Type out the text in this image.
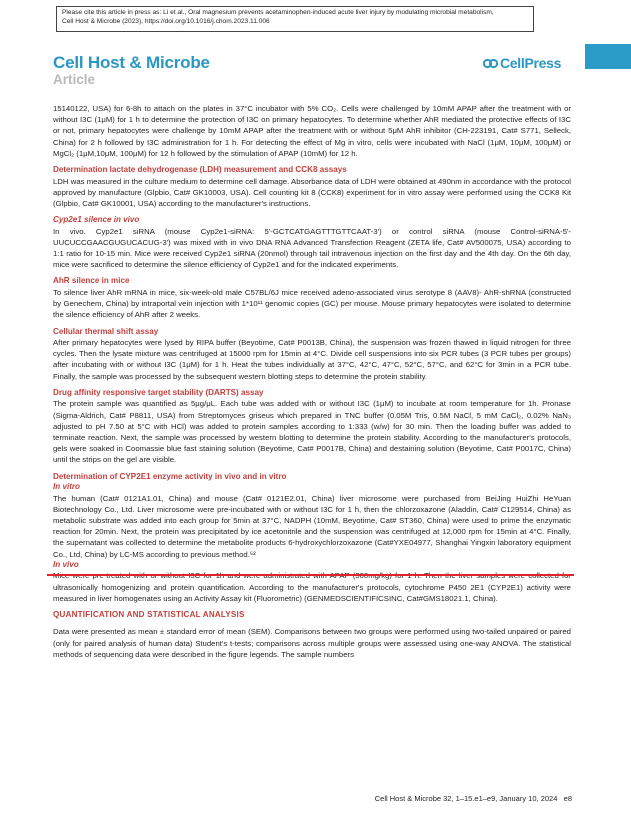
Please cite this article in press as: Li et al., Oral magnesium prevents acetaminophen-induced acute liver injury by modulating microbial metabolism,
Cell Host & Microbe (2023), https://doi.org/10.1016/j.chom.2023.11.006
Cell Host & Microbe
Article
CellPress

15140122, USA) for 6-8h to attach on the plates in 37°C incubator with 5% CO₂. Cells were challenged by 10mM APAP after the treatment with or without I3C (1μM) for 1 h to determine the protection of I3C on primary hepatocytes. To determine whether AhR mediated the protective effects of I3C or not, primary hepatocytes were challenge by 10mM APAP after the treatment with or without 5μM AhR inhibitor (CH-223191, Cat# S771, Selleck, China) for 2 h followed by I3C administration for 1 h. For detecting the effect of Mg in vitro, cells were incubated with NaCl (1μM, 10μM, 100μM) or MgCl₂ (1μM,10μM, 100μM) for 12 h followed by the stimulation of APAP (10mM) for 12 h.

Determination lactate dehydrogenase (LDH) measurement and CCK8 assays

LDH was measured in the culture medium to determine cell damage. Absorbance data of LDH were obtained at 490nm in accordance with the protocol approved by manufacture (Glpbio, Cat# GK10003, USA). Cell counting kit 8 (CCK8) experiment for in vitro assay were performed using the CCK8 Kit (Glpbio, Cat# GK10001, USA) according to the manufacturer's instructions.

Cyp2e1 silence in vivo

In vivo. Cyp2e1 siRNA (mouse Cyp2e1-siRNA: 5'-GCTCATGAGTTTGTTCAAT-3') or control siRNA (mouse Control-siRNA-5'-UUCUCCGAACGUGUCACUG-3') was mixed with in vivo DNA RNA Advanced Transfection Reagent (ZETA life, Cat# AV500075, USA) according to 1:1 ratio for 10-15 min. Mice were received Cyp2e1 siRNA (20nmol) through tail intravenous injection on the first day and the 4th day. On the 6th day, mice were sacrificed to determine the silence efficiency of Cyp2e1 and for the indicated experiments.

AhR silence in mice

To silence liver AhR mRNA in mice, six-week-old male C57BL/6J mice received adeno-associated virus serotype 8 (AAV8)- AhR-shRNA (constructed by Genechem, China) by intraportal vein injection with 1*10¹¹ genomic copies (GC) per mouse. Mouse primary hepatocytes were isolated to determine the silence efficiency of AhR after 2 weeks.

Cellular thermal shift assay

After primary hepatocytes were lysed by RIPA buffer (Beyotime, Cat# P0013B, China), the suspension was frozen thawed in liquid nitrogen for three cycles. Then the lysate mixture was centrifuged at 15000 rpm for 15min at 4°C. Divide cell suspensions into six PCR tubes (3 PCR tubes per groups) after incubating with or without I3C (1μM) for 1 h. Heat the tubes individually at 37°C, 42°C, 47°C, 52°C, 57°C, and 62°C for 3min in a PCR tube. Finally, the sample was processed by the subsequent western blotting steps to determine the protein stability.

Drug affinity responsive target stability (DARTS) assay

The protein sample was quantified as 5μg/μL. Each tube was added with or without I3C (1μM) to incubate at room temperature for 1h. Pronase (Sigma-Aldrich, Cat# P8811, USA) from Streptomyces griseus which prepared in TNC buffer (0.05M Tris, 0.5M NaCl, 5 mM CaCl₂, 0.02% NaN₃ adjusted to pH 7.50 at 5°C with HCl) was added to protein samples according to 1:333 (w/w) for 30 min. Then the loading buffer was added to terminate reaction. Next, the sample was processed by western blotting to determine the protein stability. According to the manufacturer's protocols, gels were soaked in Coomassie blue fast staining solution (Beyotime, Cat# P0017B, China) and destaining solution (Beyotime, Cat# P0017C, China) until the strips on the gel are visible.

Determination of CYP2E1 enzyme activity in vivo and in vitro
In vitro

The human (Cat# 0121A1.01, China) and mouse (Cat# 0121E2.01, China) liver microsome were purchased from BeiJing HuiZhi HeYuan Biotechnology Co., Ltd. Liver microsome were pre-incubated with or without I3C for 1 h, then the chlorzoxazone (Aladdin, Cat# C129514, China) as metabolic substrate was added into each group for 5min at 37°C, NADPH (10mM, Beyotime, Cat# ST360, China) were used to prime the enzymatic reaction for 20min. Next, the protein was precipitated by ice acetonitrile and the suspension was centrifuged at 12,000 rpm for 15min at 4°C. Finally, the supernatant was collected to determine the metabolite products 6-hydroxychlorzoxazone (Cat#YXE04977, Shanghai Yingxin laboratory equipment Co., Ltd, China) by LC-MS according to previous method.⁵²

In vivo

Mice were pre-treated with or without I3C for 1h and were administrated with APAP (300mg/kg) for 1 h. Then the liver samples were collected for ultrasonically homogenizing and protein quantification. According to the manufacturer's protocols, cytochrome P450 2E1 (CYP2E1) activity were measured in liver homogenates using an Activity Assay kit (Fluorometric) (GENMEDSCIENTIFICSINC, Cat#GMS18021.1, China).

QUANTIFICATION AND STATISTICAL ANALYSIS

Data were presented as mean ± standard error of mean (SEM). Comparisons between two groups were performed using two-tailed unpaired or paired (only for paired analysis of human data) Student's t-tests; comparisons across multiple groups were assessed using one-way ANOVA. The statistical methods of sequencing data were described in the figure legends. The sample numbers

Cell Host & Microbe 32, 1–15.e1–e9, January 10, 2024 e8
